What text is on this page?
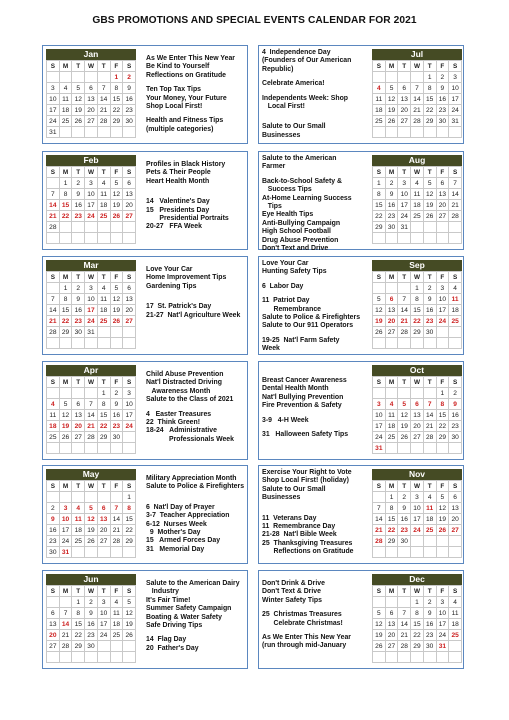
GBS PROMOTIONS AND SPECIAL EVENTS CALENDAR FOR 2021
Jan
S	M	T	W	T	F	S
					1	2
3	4	5	6	7	8	9
10	11	12	13	14	15	16
17	18	19	20	21	22	23
24	25	26	27	28	29	30
31						
As We Enter This New Year
Be Kind to Yourself
Reflections on Gratitude
Ten Top Tax Tips
Your Money, Your Future
Shop Local First!
Health and Fitness Tips
(multiple categories)
Jul
S	M	T	W	T	F	S
				1	2	3
4	5	6	7	8	9	10
11	12	13	14	15	16	17
18	19	20	21	22	23	24
25	26	27	28	29	30	31

4  Independence Day
(Founders of Our American
Republic)
Celebrate America!
Independents Week: Shop
Local First!
Salute to Our Small
Businesses
Feb
S	M	T	W	T	F	S
	1	2	3	4	5	6
7	8	9	10	11	12	13
14	15	16	17	18	19	20
21	22	23	24	25	26	27
28						

Profiles in Black History
Pets & Their People
Heart Health Month
14   Valentine's Day
15   Presidents Day
Presidential Portraits
20-27   FFA Week
Aug
S	M	T	W	T	F	S
1	2	3	4	5	6	7
8	9	10	11	12	13	14
15	16	17	18	19	20	21
22	23	24	25	26	27	28
29	30	31				

Salute to the American
Farmer
Back-to-School Safety &
Success Tips
At-Home Learning Success
Tips
Eye Health Tips
Anti-Bullying Campaign
High School Football
Drug Abuse Prevention
Don't Text and Drive
Mar
S	M	T	W	T	F	S
	1	2	3	4	5	6
7	8	9	10	11	12	13
14	15	16	17	18	19	20
21	22	23	24	25	26	27
28	29	30	31			

Love Your Car
Home Improvement Tips
Gardening Tips
17  St. Patrick's Day
21-27  Nat'l Agriculture Week
Sep
S	M	T	W	T	F	S
			1	2	3	4
5	6	7	8	9	10	11
12	13	14	15	16	17	18
19	20	21	22	23	24	25
26	27	28	29	30		

Love Your Car
Hunting Safety Tips
6  Labor Day
11  Patriot Day
Remembrance
Salute to Police & Firefighters
Salute to Our 911 Operators
19-25  Nat'l Farm Safety
Week
Apr
S	M	T	W	T	F	S
				1	2	3
4	5	6	7	8	9	10
11	12	13	14	15	16	17
18	19	20	21	22	23	24
25	26	27	28	29	30	

Child Abuse Prevention
Nat'l Distracted Driving
Awareness Month
Salute to the Class of 2021
4   Easter Treasures
22  Think Green!
18-24   Administrative
Professionals Week
Oct
S	M	T	W	T	F	S
					1	2
3	4	5	6	7	8	9
10	11	12	13	14	15	16
17	18	19	20	21	22	23
24	25	26	27	28	29	30
31						
Breast Cancer Awareness
Dental Health Month
Nat'l Bullying Prevention
Fire Prevention & Safety
3-9   4-H Week
31   Halloween Safety Tips
May
S	M	T	W	T	F	S
						1
2	3	4	5	6	7	8
9	10	11	12	13	14	15
16	17	18	19	20	21	22
23	24	25	26	27	28	29
30	31					
Military Appreciation Month
Salute to Police & Firefighters
6  Nat'l Day of Prayer
3-7  Teacher Appreciation
6-12  Nurses Week
9  Mother's Day
15   Armed Forces Day
31   Memorial Day
Nov
S	M	T	W	T	F	S
	1	2	3	4	5	6
7	8	9	10	11	12	13
14	15	16	17	18	19	20
21	22	23	24	25	26	27
28	29	30				

Exercise Your Right to Vote
Shop Local First! (holiday)
Salute to Our Small
Businesses
11  Veterans Day
11  Remembrance Day
21-28  Nat'l Bible Week
25  Thanksgiving Treasures
Reflections on Gratitude
Jun
S	M	T	W	T	F	S
		1	2	3	4	5
6	7	8	9	10	11	12
13	14	15	16	17	18	19
20	21	22	23	24	25	26
27	28	29	30			

Salute to the American Dairy
Industry
It's Fair Time!
Summer Safety Campaign
Boating & Water Safety
Safe Driving Tips
14  Flag Day
20  Father's Day
Dec
S	M	T	W	T	F	S
			1	2	3	4
5	6	7	8	9	10	11
12	13	14	15	16	17	18
19	20	21	22	23	24	25
26	27	28	29	30	31	

Don't Drink & Drive
Don't Text & Drive
Winter Safety Tips
25  Christmas Treasures
Celebrate Christmas!
As We Enter This New Year
(run through mid-January
